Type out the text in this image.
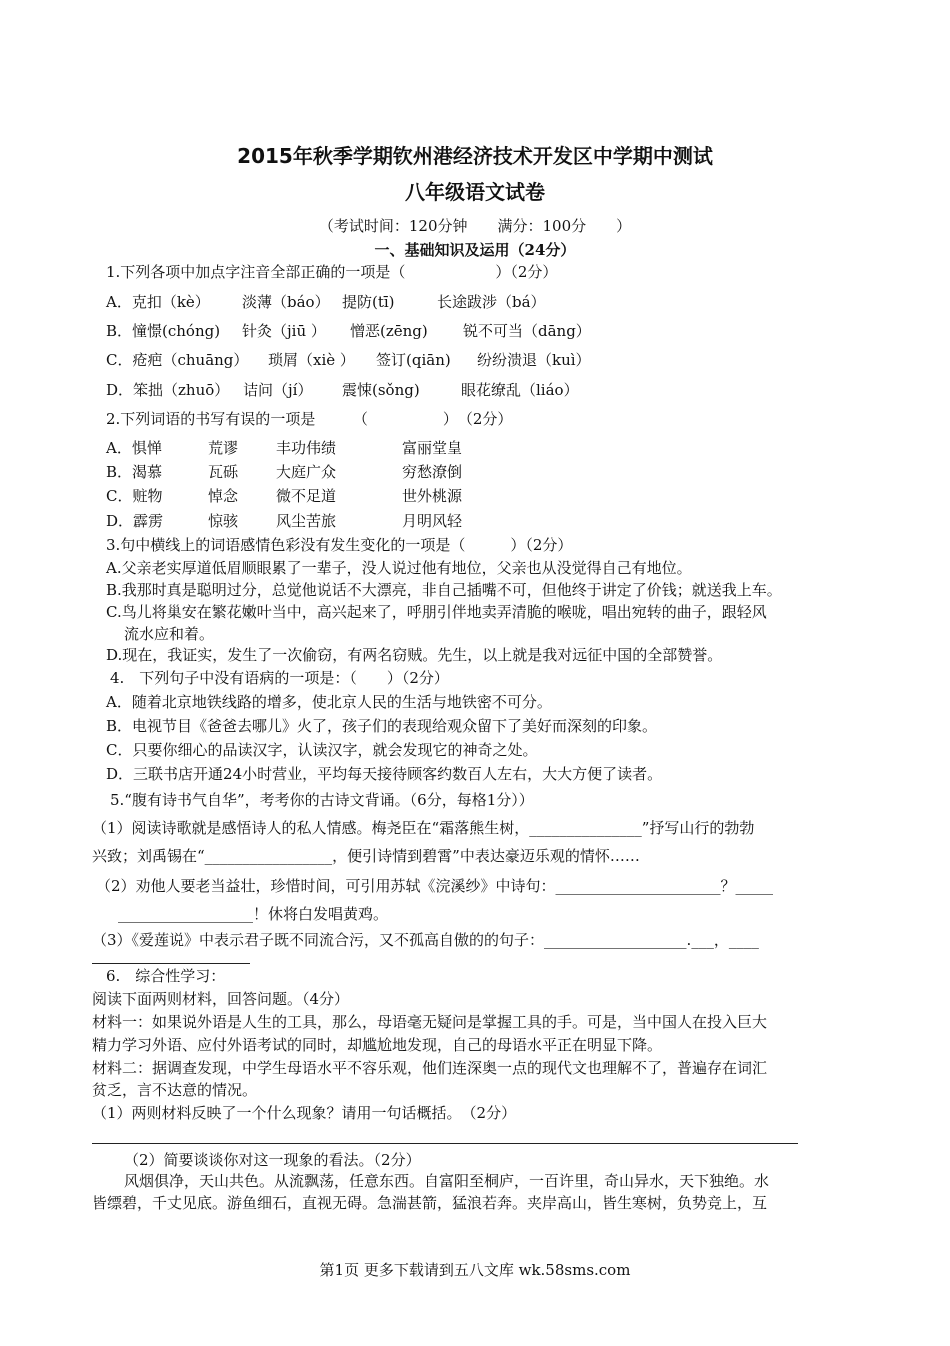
2015年秋季学期钦州港经济技术开发区中学期中测试
八年级语文试卷
（考试时间：120分钟　　满分：100分　　）
一、基础知识及运用（24分）
1.下列各项中加点字注音全部正确的一项是（　　　　　　）（2分）
A．克扣（kè） 淡薄（báo） 提防(tī)	长途跋涉（bá）
B．憧憬(chóng) 针灸（jiū ） 憎恶(zēng) 锐不可当（dāng）
C．疮疤（chuāng） 琐屑（xiè ） 签订(qiān) 纷纷溃退（kuì）
D．笨拙（zhuō） 诘问（jí） 震悚(sǒng)	眼花缭乱（liáo）
2.下列词语的书写有误的一项是　　　（　　　　　）　（2分）
A．惧惮	荒谬	丰功伟绩	富丽堂皇
B．渴慕	瓦砾	大庭广众	穷愁潦倒
C．赃物	悼念	微不足道	世外桃源
D．霹雳	惊骇	风尘苦旅	月明风轻
3.句中横线上的词语感情色彩没有发生变化的一项是（　　　）（2分）
A.父亲老实厚道低眉顺眼累了一辈子，没人说过他有地位，父亲也从没觉得自己有地位。
B.我那时真是聪明过分，总觉他说话不大漂亮，非自己插嘴不可，但他终于讲定了价钱；就送我上车。
C.鸟儿将巢安在繁花嫩叶当中，高兴起来了，呼朋引伴地卖弄清脆的喉咙，唱出宛转的曲子，跟轻风
流水应和着。
D.现在，我证实，发生了一次偷窃，有两名窃贼。先生，以上就是我对远征中国的全部赞誉。
4.　下列句子中没有语病的一项是：（　　）（2分）
A．随着北京地铁线路的增多，使北京人民的生活与地铁密不可分。
B．电视节目《爸爸去哪儿》火了，孩子们的表现给观众留下了美好而深刻的印象。
C．只要你细心的品读汉字，认读汉字，就会发现它的神奇之处。
D．三联书店开通24小时营业，平均每天接待顾客约数百人左右，大大方便了读者。
5.“腹有诗书气自华”，考考你的古诗文背诵。（6分，每格1分））
（1）阅读诗歌就是感悟诗人的私人情感。梅尧臣在“霜落熊生树，_______________”抒写山行的勃勃
兴致；刘禹锡在“_________________，便引诗情到碧霄”中表达豪迈乐观的情怀……
（2）劝他人要老当益壮，珍惜时间，可引用苏轼《浣溪纱》中诗句：______________________？_____
__________________！休将白发唱黄鸡。
（3）《爱莲说》中表示君子既不同流合污，又不孤高自傲的的句子：___________________.___，____
6.　综合性学习：
阅读下面两则材料，回答问题。（4分）
材料一：如果说外语是人生的工具，那么，母语毫无疑问是掌握工具的手。可是，当中国人在投入巨大
精力学习外语、应付外语考试的同时，却尴尬地发现，自己的母语水平正在明显下降。
材料二：据调查发现，中学生母语水平不容乐观，他们连深奥一点的现代文也理解不了，普遍存在词汇
贫乏，言不达意的情况。
（1）两则材料反映了一个什么现象？请用一句话概括。　（2分）
（2）简要谈谈你对这一现象的看法。（2分）
风烟俱净，天山共色。从流飘荡，任意东西。自富阳至桐庐，一百许里，奇山异水，天下独绝。水
皆缥碧，千丈见底。游鱼细石，直视无碍。急湍甚箭，猛浪若奔。夹岸高山，皆生寒树，负势竞上，互
第1页 更多下载请到五八文库 wk.58sms.com
